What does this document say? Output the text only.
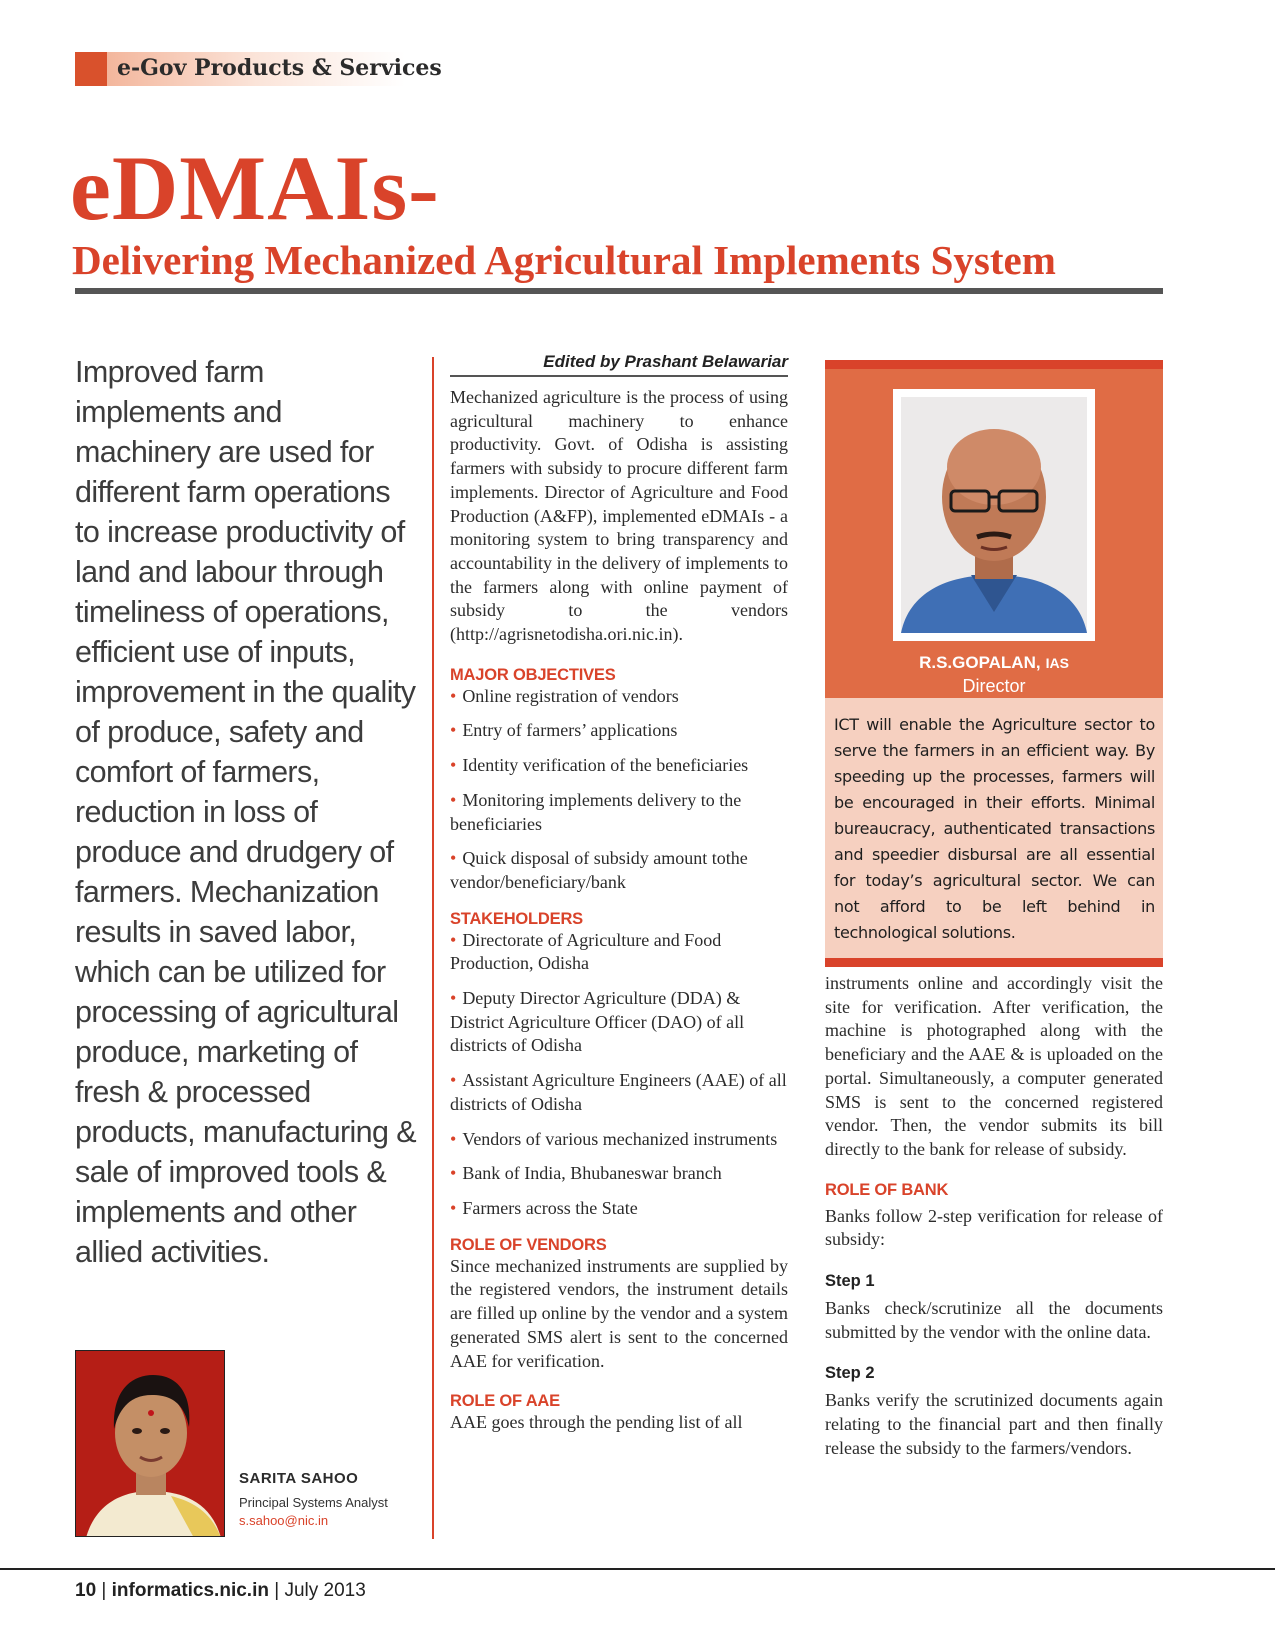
e-Gov Products & Services
eDMAIs-
Delivering Mechanized Agricultural Implements System

Improved farm implements and machinery are used for different farm operations to increase productivity of land and labour through timeliness of operations, efficient use of inputs, improvement in the quality of produce, safety and comfort of farmers, reduction in loss of produce and drudgery of farmers. Mechanization results in saved labor, which can be utilized for processing of agricultural produce, marketing of fresh & processed products, manufacturing & sale of improved tools & implements and other allied activities.

SARITA SAHOO
Principal Systems Analyst
s.sahoo@nic.in
Edited by Prashant Belawariar

Mechanized agriculture is the process of using agricultural machinery to enhance productivity. Govt. of Odisha is assisting farmers with subsidy to procure different farm implements. Director of Agriculture and Food Production (A&FP), implemented eDMAIs - a monitoring system to bring transparency and accountability in the delivery of implements to the farmers along with online payment of subsidy to the vendors (http://agrisnetodisha.ori.nic.in).

MAJOR OBJECTIVES
• Online registration of vendors
• Entry of farmers’ applications
• Identity verification of the beneficiaries
• Monitoring implements delivery to the beneficiaries
• Quick disposal of subsidy amount tothe vendor/beneficiary/bank
STAKEHOLDERS
• Directorate of Agriculture and Food Production, Odisha
• Deputy Director Agriculture (DDA) & District Agriculture Officer (DAO) of all districts of Odisha
• Assistant Agriculture Engineers (AAE) of all districts of Odisha
• Vendors of various mechanized instruments
• Bank of India, Bhubaneswar branch
• Farmers across the State
ROLE OF VENDORS

Since mechanized instruments are supplied by the registered vendors, the instrument details are filled up online by the vendor and a system generated SMS alert is sent to the concerned AAE for verification.

ROLE OF AAE

AAE goes through the pending list of all

R.S.GOPALAN, IAS
Director

ICT will enable the Agriculture sector to serve the farmers in an efficient way. By speeding up the processes, farmers will be encouraged in their efforts. Minimal bureaucracy, authenticated transactions and speedier disbursal are all essential for today’s agricultural sector. We can not afford to be left behind in technological solutions.

instruments online and accordingly visit the site for verification. After verification, the machine is photographed along with the beneficiary and the AAE & is uploaded on the portal. Simultaneously, a computer generated SMS is sent to the concerned registered vendor. Then, the vendor submits its bill directly to the bank for release of subsidy.

ROLE OF BANK

Banks follow 2-step verification for release of subsidy:

Step 1

Banks check/scrutinize all the documents submitted by the vendor with the online data.

Step 2

Banks verify the scrutinized documents again relating to the financial part and then finally release the subsidy to the farmers/vendors.

10 | informatics.nic.in | July 2013
